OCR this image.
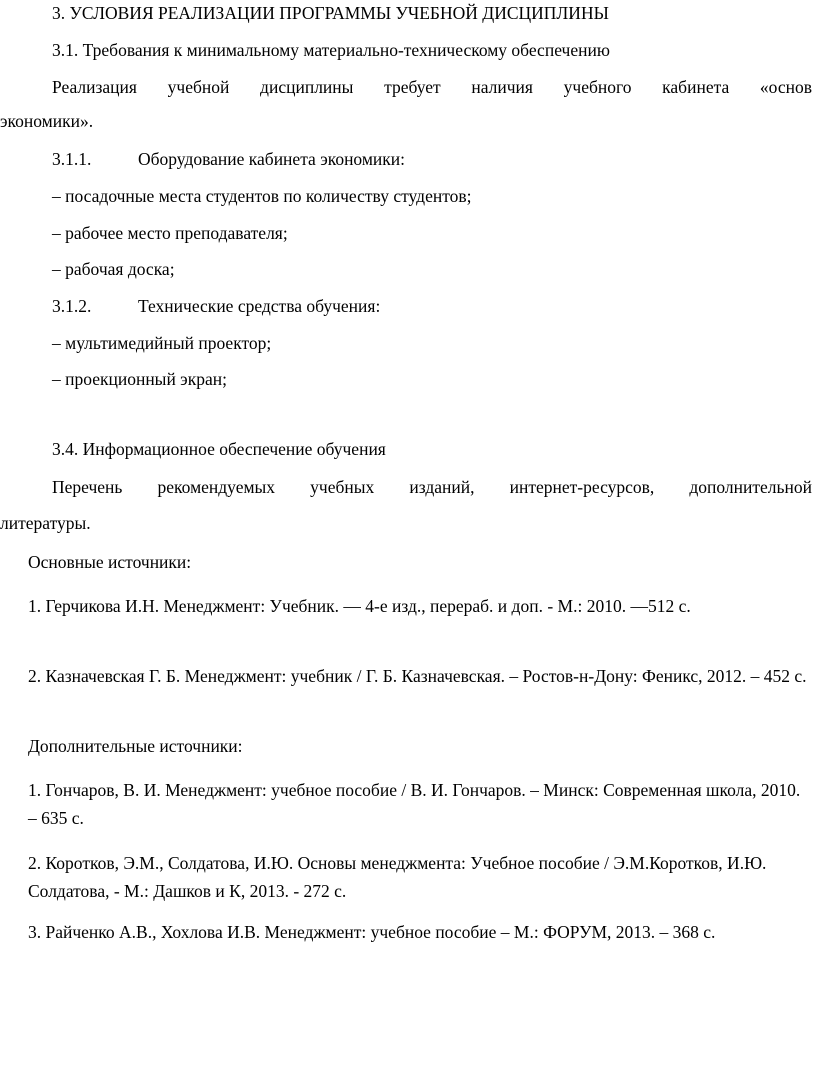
3. УСЛОВИЯ РЕАЛИЗАЦИИ ПРОГРАММЫ УЧЕБНОЙ ДИСЦИПЛИНЫ
3.1. Требования к минимальному материально-техническому обеспечению
Реализация учебной дисциплины требует наличия учебного кабинета «основ
экономики».
3.1.1.	Оборудование кабинета экономики:
– посадочные места студентов по количеству студентов;
– рабочее место преподавателя;
– рабочая доска;
3.1.2.	Технические средства обучения:
– мультимедийный проектор;
– проекционный экран;
3.4. Информационное обеспечение обучения
Перечень рекомендуемых учебных изданий, интернет-ресурсов, дополнительной
литературы.
Основные источники:
1. Герчикова И.Н. Менеджмент: Учебник. — 4-е изд., перераб. и доп. - М.: 2010. —512 с.
2. Казначевская Г. Б. Менеджмент: учебник / Г. Б. Казначевская. – Ростов-н-Дону: Феникс, 2012. – 452 с.
Дополнительные источники:
1. Гончаров, В. И. Менеджмент: учебное пособие / В. И. Гончаров. – Минск: Современная школа, 2010. – 635 с.
2. Коротков, Э.М., Солдатова, И.Ю. Основы менеджмента: Учебное пособие / Э.М.Коротков, И.Ю. Солдатова, - М.: Дашков и К, 2013. - 272 с.
3. Райченко А.В., Хохлова И.В. Менеджмент: учебное пособие – М.: ФОРУМ, 2013. – 368 с.
